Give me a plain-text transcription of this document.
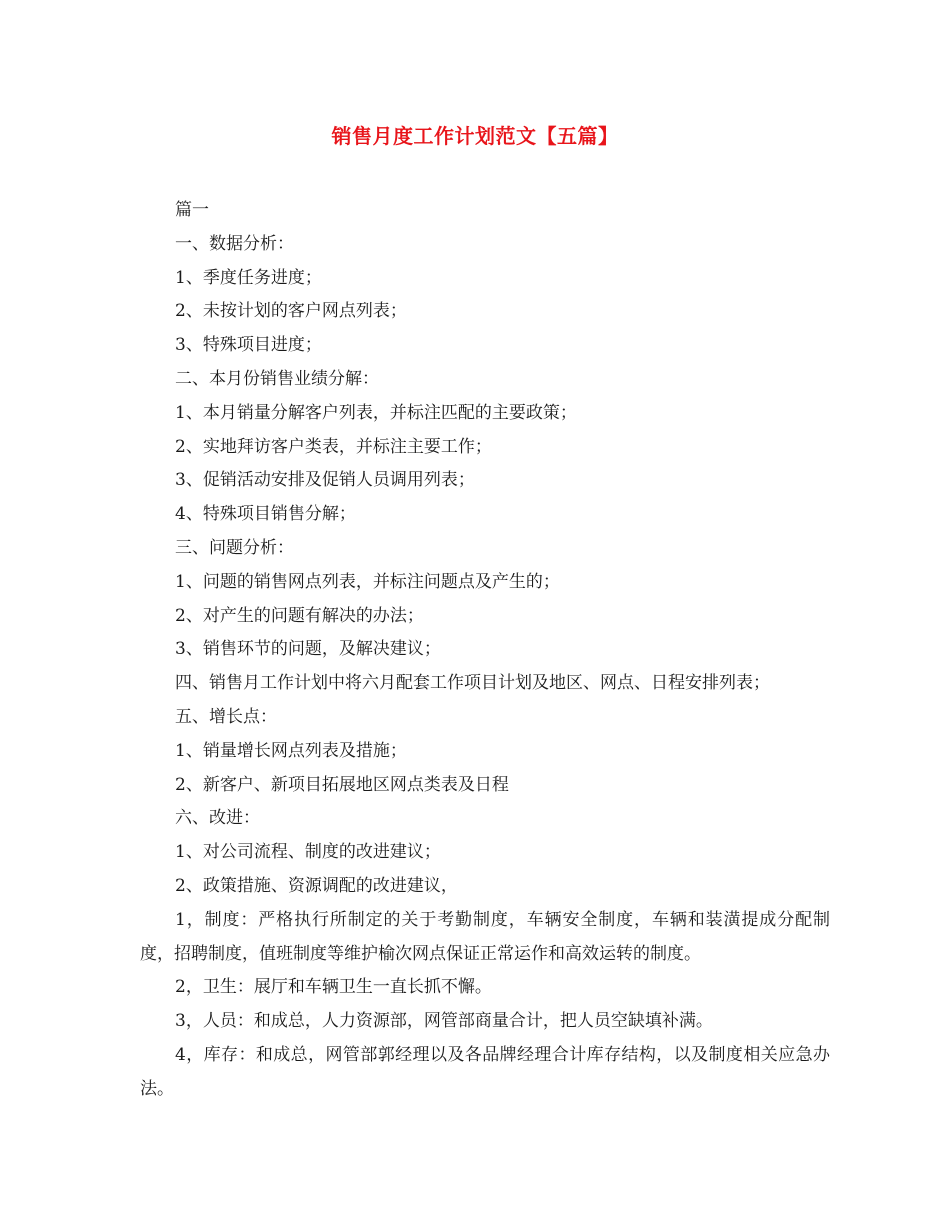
销售月度工作计划范文【五篇】
篇一
一、数据分析：
1、季度任务进度；
2、未按计划的客户网点列表；
3、特殊项目进度；
二、本月份销售业绩分解：
1、本月销量分解客户列表，并标注匹配的主要政策；
2、实地拜访客户类表，并标注主要工作；
3、促销活动安排及促销人员调用列表；
4、特殊项目销售分解；
三、问题分析：
1、问题的销售网点列表，并标注问题点及产生的；
2、对产生的问题有解决的办法；
3、销售环节的问题，及解决建议；
四、销售月工作计划中将六月配套工作项目计划及地区、网点、日程安排列表；
五、增长点：
1、销量增长网点列表及措施；
2、新客户、新项目拓展地区网点类表及日程
六、改进：
1、对公司流程、制度的改进建议；
2、政策措施、资源调配的改进建议，
1，制度：严格执行所制定的关于考勤制度，车辆安全制度，车辆和装潢提成分配制度，招聘制度，值班制度等维护榆次网点保证正常运作和高效运转的制度。
2，卫生：展厅和车辆卫生一直长抓不懈。
3，人员：和成总，人力资源部，网管部商量合计，把人员空缺填补满。
4，库存：和成总，网管部郭经理以及各品牌经理合计库存结构，以及制度相关应急办法。
